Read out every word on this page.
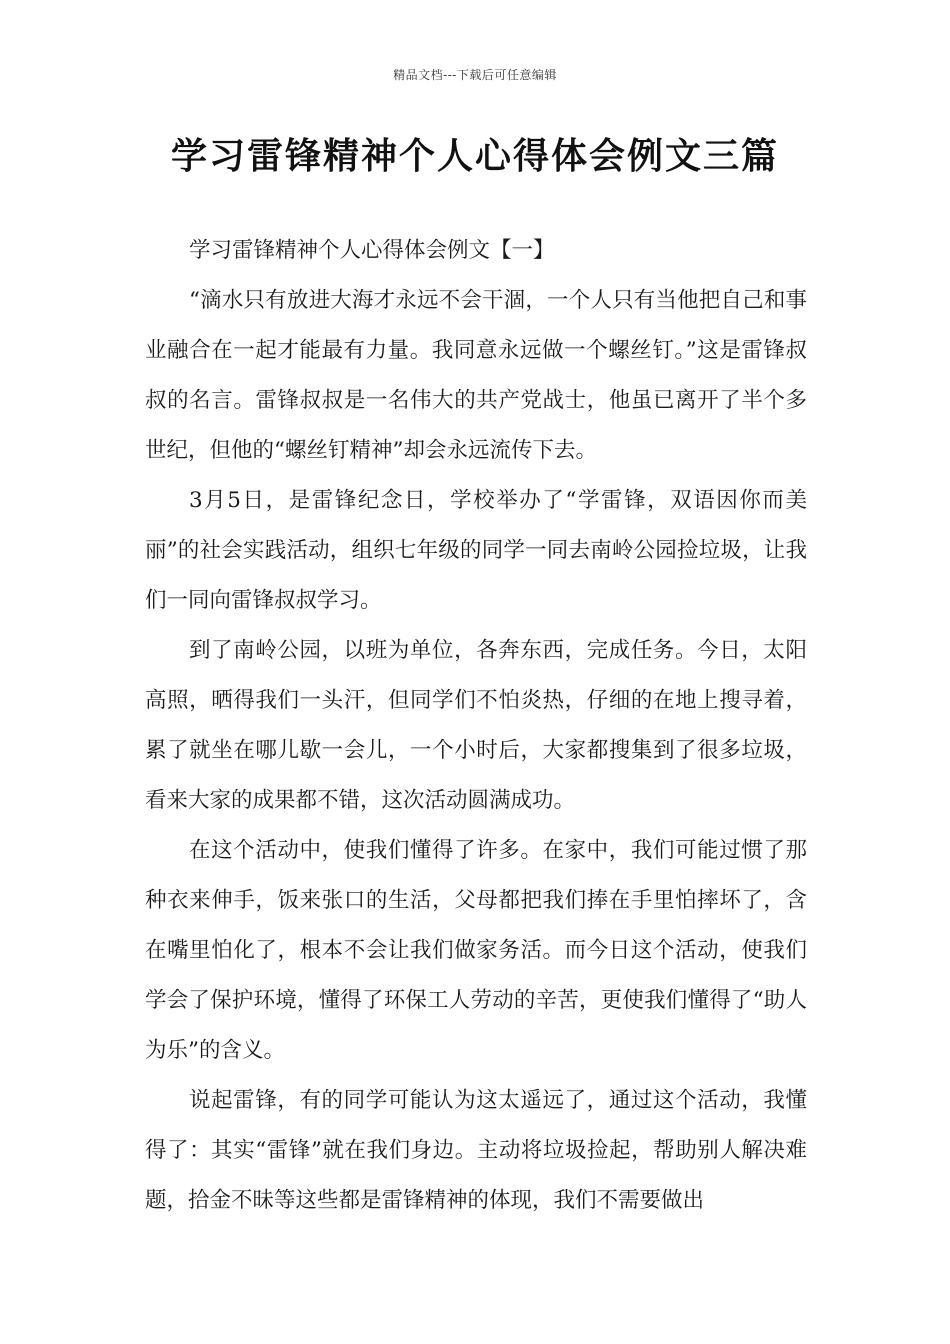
精品文档---下载后可任意编辑
学习雷锋精神个人心得体会例文三篇

学习雷锋精神个人心得体会例文【一】

“滴水只有放进大海才永远不会干涸，一个人只有当他把自己和事业融合在一起才能最有力量。我同意永远做一个螺丝钉。”这是雷锋叔叔的名言。雷锋叔叔是一名伟大的共产党战士，他虽已离开了半个多世纪，但他的“螺丝钉精神”却会永远流传下去。

3月5日，是雷锋纪念日，学校举办了“学雷锋，双语因你而美丽”的社会实践活动，组织七年级的同学一同去南岭公园捡垃圾，让我们一同向雷锋叔叔学习。

到了南岭公园，以班为单位，各奔东西，完成任务。今日，太阳高照，晒得我们一头汗，但同学们不怕炎热，仔细的在地上搜寻着，累了就坐在哪儿歇一会儿，一个小时后，大家都搜集到了很多垃圾，看来大家的成果都不错，这次活动圆满成功。

在这个活动中，使我们懂得了许多。在家中，我们可能过惯了那种衣来伸手，饭来张口的生活，父母都把我们捧在手里怕摔坏了，含在嘴里怕化了，根本不会让我们做家务活。而今日这个活动，使我们学会了保护环境，懂得了环保工人劳动的辛苦，更使我们懂得了“助人为乐”的含义。

说起雷锋，有的同学可能认为这太遥远了，通过这个活动，我懂得了：其实“雷锋”就在我们身边。主动将垃圾捡起，帮助别人解决难题，拾金不昧等这些都是雷锋精神的体现，我们不需要做出
